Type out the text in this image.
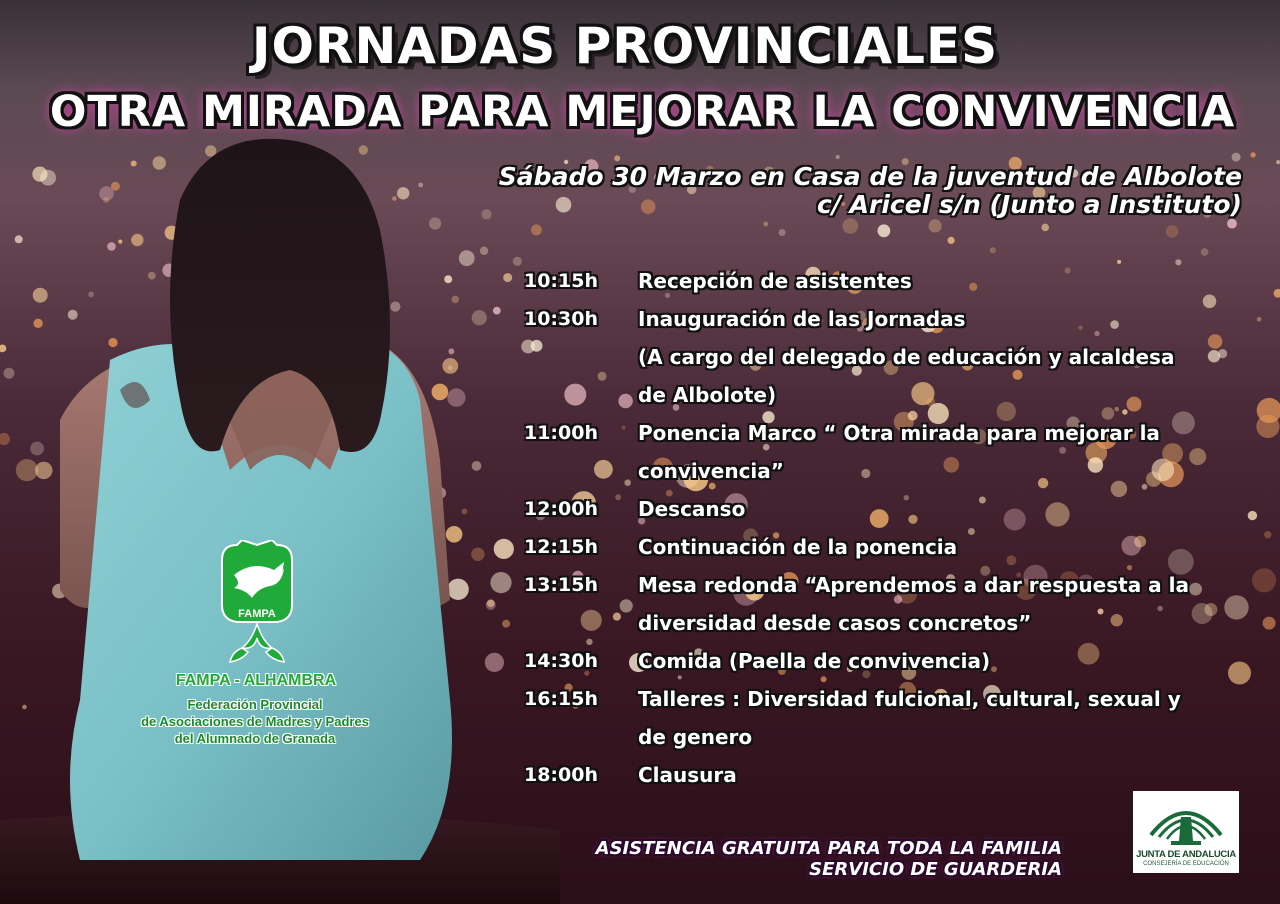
JORNADAS PROVINCIALES
OTRA MIRADA PARA MEJORAR LA CONVIVENCIA
Sábado 30 Marzo en Casa de la juventud de Albolote
c/ Aricel s/n (Junto a Instituto)
10:15h	Recepción de asistentes
10:30h	Inauguración de las Jornadas
(A cargo del delegado de educación y alcaldesa
de Albolote)
11:00h	Ponencia Marco “ Otra mirada para mejorar la
convivencia”
12:00h	Descanso
12:15h	Continuación de la ponencia
13:15h	Mesa redonda “Aprendemos a dar respuesta a la
diversidad desde casos concretos”
14:30h	Comida (Paella de convivencia)
16:15h	Talleres : Diversidad fulcional, cultural, sexual y
de genero
18:00h	Clausura
FAMPA
FAMPA - ALHAMBRA
Federación Provincial
de Asociaciones de Madres y Padres
del Alumnado de Granada
ASISTENCIA GRATUITA PARA TODA LA FAMILIA
SERVICIO DE GUARDERIA
JUNTA DE ANDALUCIA
CONSEJERÍA DE EDUCACIÓN
